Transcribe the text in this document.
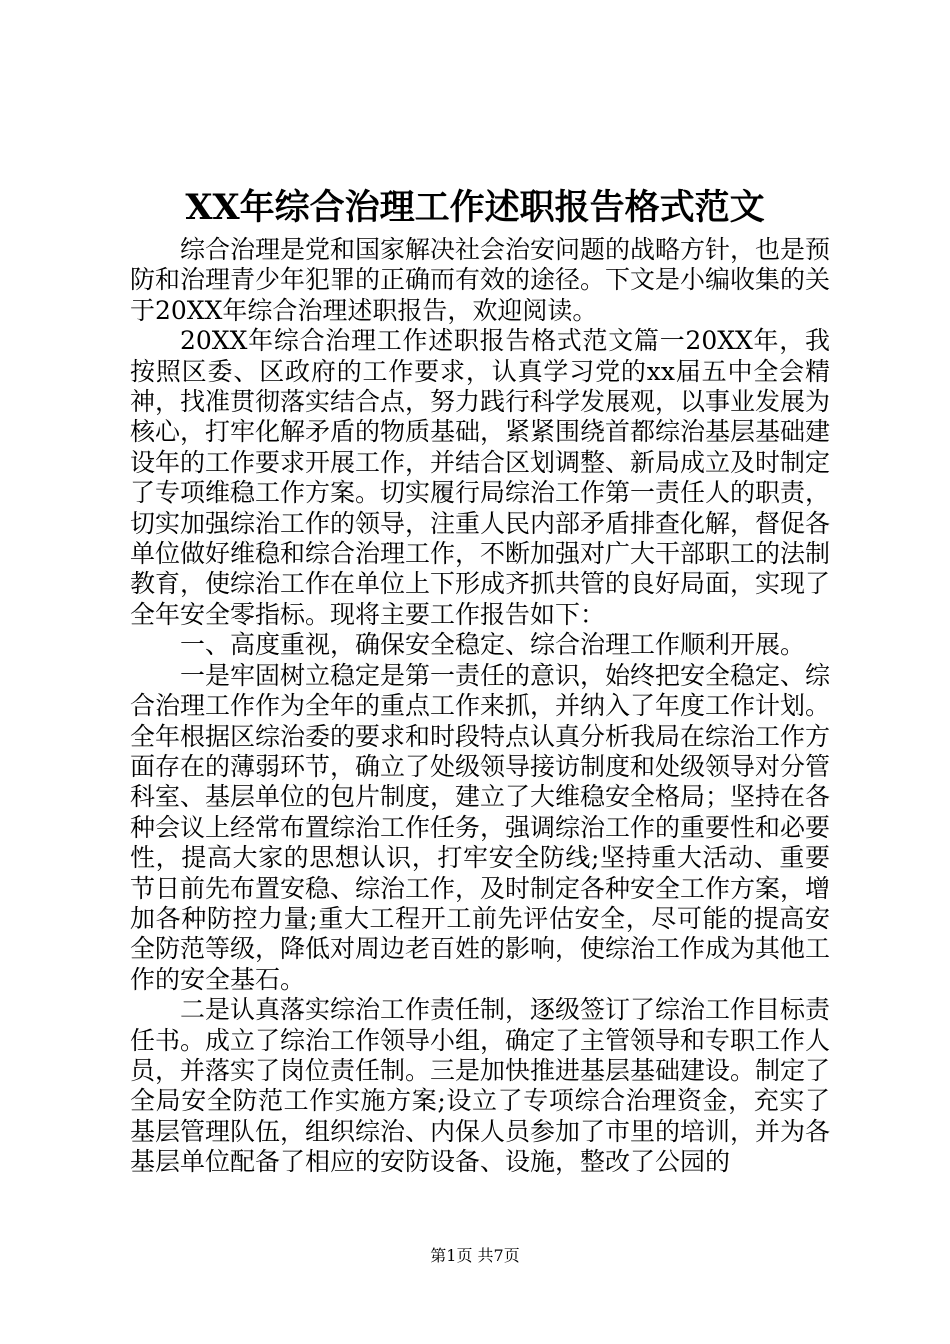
XX年综合治理工作述职报告格式范文

综合治理是党和国家解决社会治安问题的战略方针，也是预防和治理青少年犯罪的正确而有效的途径。下文是小编收集的关于20XX年综合治理述职报告，欢迎阅读。

20XX年综合治理工作述职报告格式范文篇一20XX年，我按照区委、区政府的工作要求，认真学习党的xx届五中全会精神，找准贯彻落实结合点，努力践行科学发展观，以事业发展为核心，打牢化解矛盾的物质基础，紧紧围绕首都综治基层基础建设年的工作要求开展工作，并结合区划调整、新局成立及时制定了专项维稳工作方案。切实履行局综治工作第一责任人的职责，切实加强综治工作的领导，注重人民内部矛盾排查化解，督促各单位做好维稳和综合治理工作，不断加强对广大干部职工的法制教育，使综治工作在单位上下形成齐抓共管的良好局面，实现了全年安全零指标。现将主要工作报告如下：

一、高度重视，确保安全稳定、综合治理工作顺利开展。

一是牢固树立稳定是第一责任的意识，始终把安全稳定、综合治理工作作为全年的重点工作来抓，并纳入了年度工作计划。全年根据区综治委的要求和时段特点认真分析我局在综治工作方面存在的薄弱环节，确立了处级领导接访制度和处级领导对分管科室、基层单位的包片制度，建立了大维稳安全格局；坚持在各种会议上经常布置综治工作任务，强调综治工作的重要性和必要性，提高大家的思想认识，打牢安全防线;坚持重大活动、重要节日前先布置安稳、综治工作，及时制定各种安全工作方案，增加各种防控力量;重大工程开工前先评估安全，尽可能的提高安全防范等级，降低对周边老百姓的影响，使综治工作成为其他工作的安全基石。

二是认真落实综治工作责任制，逐级签订了综治工作目标责任书。成立了综治工作领导小组，确定了主管领导和专职工作人员，并落实了岗位责任制。三是加快推进基层基础建设。制定了全局安全防范工作实施方案;设立了专项综合治理资金，充实了基层管理队伍，组织综治、内保人员参加了市里的培训，并为各基层单位配备了相应的安防设备、设施，整改了公园的

第1页 共7页
